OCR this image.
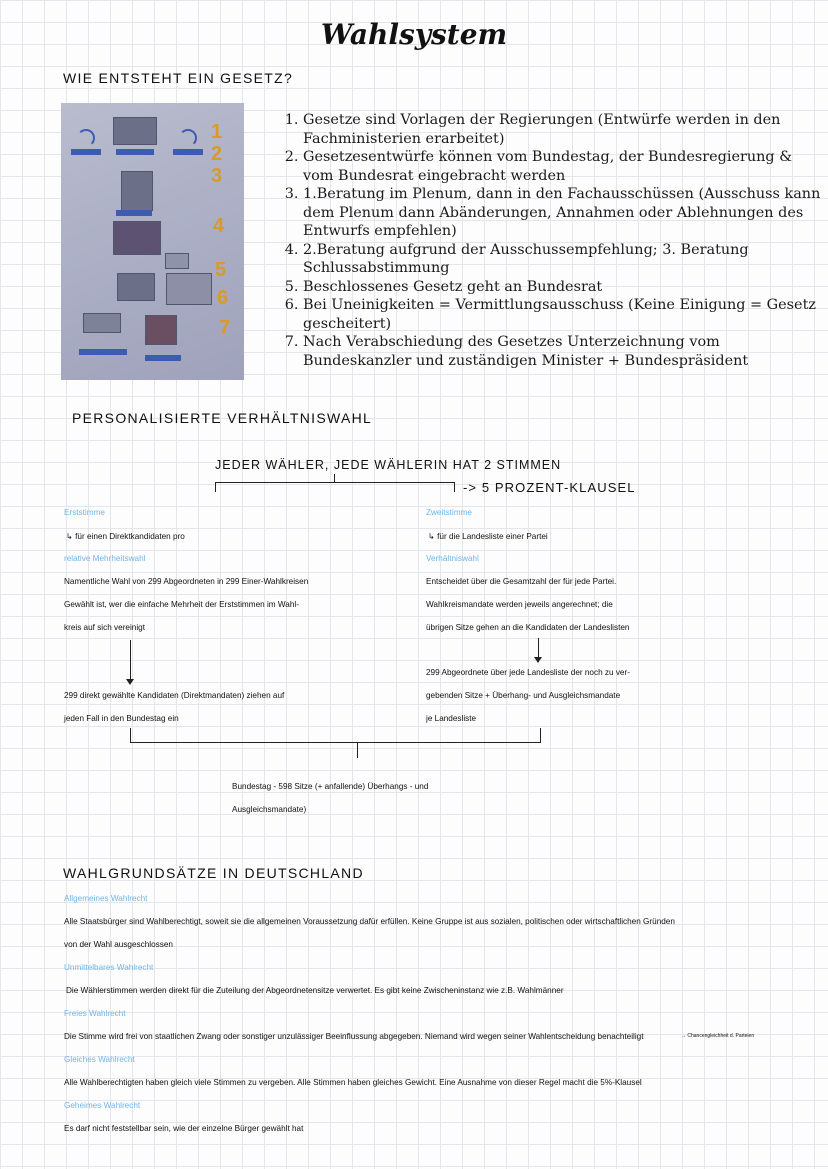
Wahlsystem
WIE ENTSTEHT EIN GESETZ?
1
2
3
4
5
6
7
1. Gesetze sind Vorlagen der Regierungen (Entwürfe werden in den Fachministerien erarbeitet)
2. Gesetzesentwürfe können vom Bundestag, der Bundesregierung & vom Bundesrat eingebracht werden
3. 1.Beratung im Plenum, dann in den Fachausschüssen (Ausschuss kann dem Plenum dann Abänderungen, Annahmen oder Ablehnungen des Entwurfs empfehlen)
4. 2.Beratung aufgrund der Ausschussempfehlung; 3. Beratung Schlussabstimmung
5. Beschlossenes Gesetz geht an Bundesrat
6. Bei Uneinigkeiten = Vermittlungsausschuss (Keine Einigung = Gesetz gescheitert)
7. Nach Verabschiedung des Gesetzes Unterzeichnung vom Bundeskanzler und zuständigen Minister + Bundespräsident
PERSONALISIERTE VERHÄLTNISWAHL
JEDER WÄHLER, JEDE WÄHLERIN HAT 2 STIMMEN
-> 5 PROZENT-KLAUSEL
Erststimme
↳ für einen Direktkandidaten pro
relative Mehrheitswahl
Namentliche Wahl von 299 Abgeordneten in 299 Einer-Wahlkreisen
Gewählt ist, wer die einfache Mehrheit der Erststimmen im Wahl-
kreis auf sich vereinigt
299 direkt gewählte Kandidaten (Direktmandaten) ziehen auf
jeden Fall in den Bundestag ein
Zweitstimme
↳ für die Landesliste einer Partei
Verhältniswahl
Entscheidet über die Gesamtzahl der für jede Partei.
Wahlkreismandate werden jeweils angerechnet; die
übrigen Sitze gehen an die Kandidaten der Landeslisten
299 Abgeordnete über jede Landesliste der noch zu ver-
gebenden Sitze + Überhang- und Ausgleichsmandate
je Landesliste
Bundestag - 598 Sitze (+ anfallende) Überhangs - und
Ausgleichsmandate)
WAHLGRUNDSÄTZE IN DEUTSCHLAND
Allgemeines Wahlrecht
Alle Staatsbürger sind Wahlberechtigt, soweit sie die allgemeinen Voraussetzung dafür erfüllen. Keine Gruppe ist aus sozialen, politischen oder wirtschaftlichen Gründen
von der Wahl ausgeschlossen
Unmittelbares Wahlrecht
Die Wählerstimmen werden direkt für die Zuteilung der Abgeordnetensitze verwertet. Es gibt keine Zwischeninstanz wie z.B. Wahlmänner
Freies Wahlrecht
Die Stimme wird frei von staatlichen Zwang oder sonstiger unzulässiger Beeinflussung abgegeben. Niemand wird wegen seiner Wahlentscheidung benachteiligt	→ Chancengleichheit d. Parteien
Gleiches Wahlrecht
Alle Wahlberechtigten haben gleich viele Stimmen zu vergeben. Alle Stimmen haben gleiches Gewicht. Eine Ausnahme von dieser Regel macht die 5%-Klausel
Geheimes Wahlrecht
Es darf nicht feststellbar sein, wie der einzelne Bürger gewählt hat
